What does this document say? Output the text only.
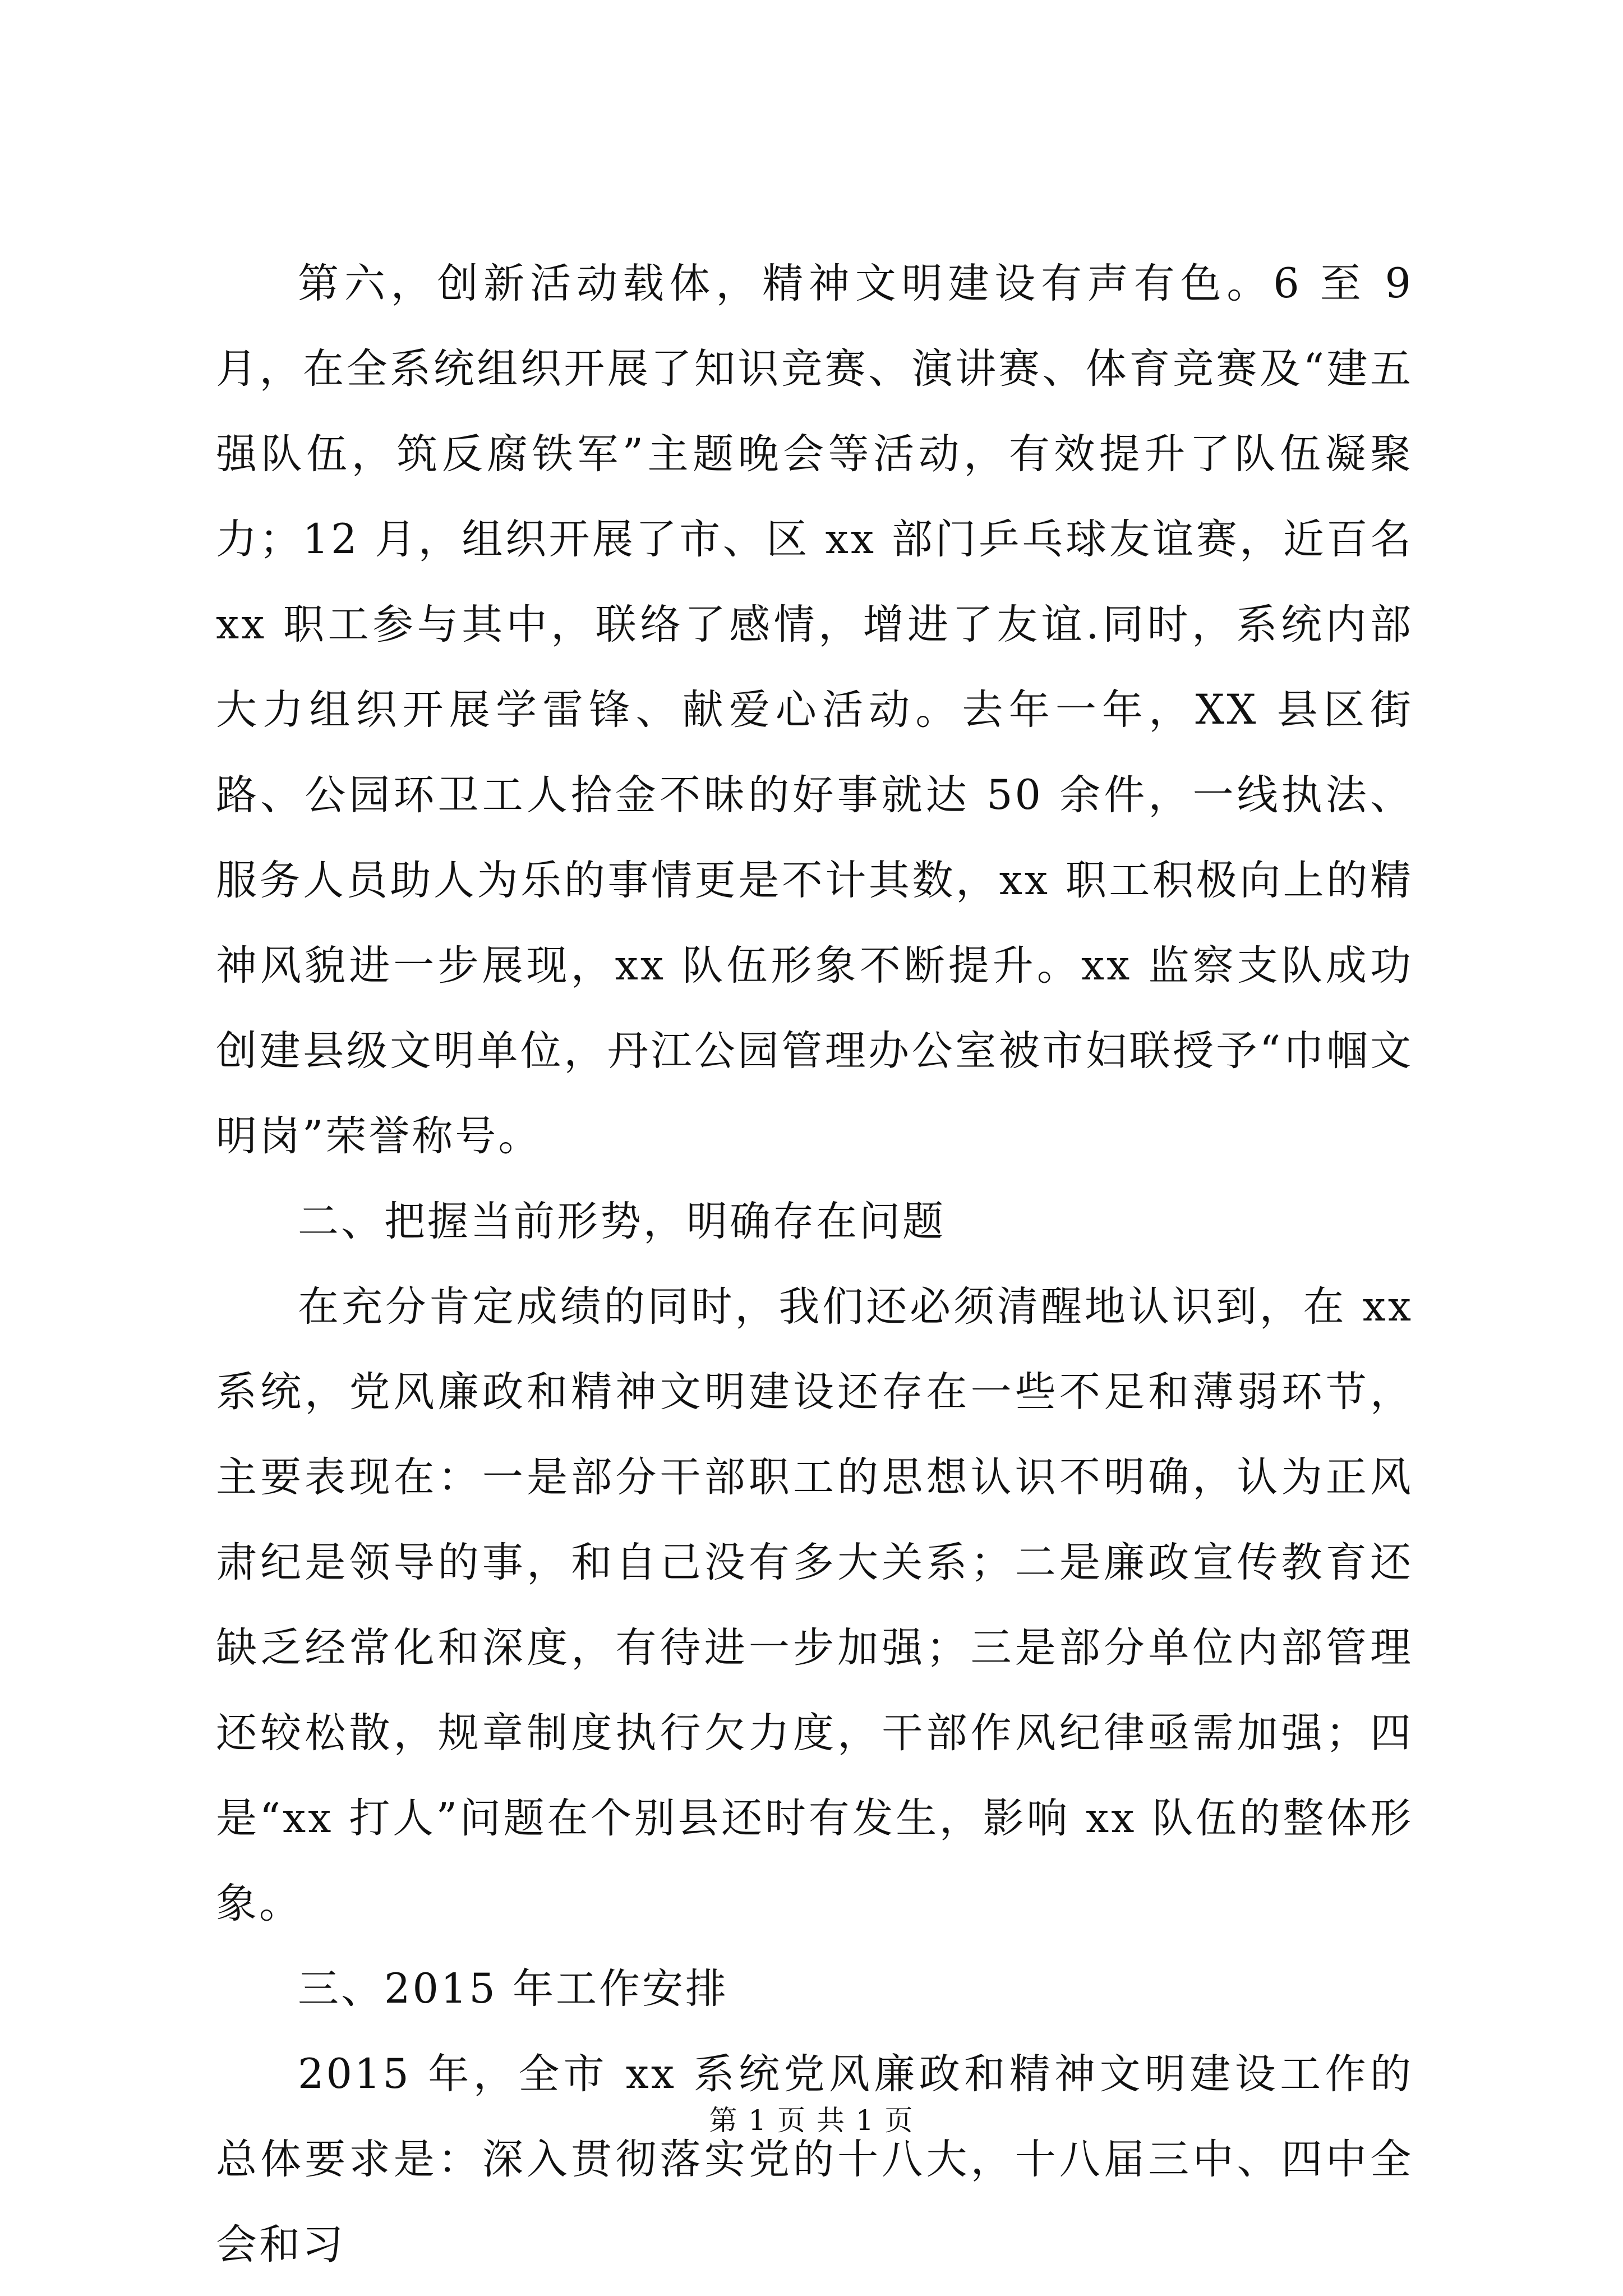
第六，创新活动载体，精神文明建设有声有色。6 至 9 月，在全系统组织开展了知识竞赛、演讲赛、体育竞赛及“建五强队伍，筑反腐铁军”主题晚会等活动，有效提升了队伍凝聚力；12 月，组织开展了市、区 xx 部门乒乓球友谊赛，近百名 xx 职工参与其中，联络了感情，增进了友谊.同时，系统内部大力组织开展学雷锋、献爱心活动。去年一年，XX 县区街路、公园环卫工人拾金不昧的好事就达 50 余件，一线执法、服务人员助人为乐的事情更是不计其数，xx 职工积极向上的精神风貌进一步展现，xx 队伍形象不断提升。xx 监察支队成功创建县级文明单位，丹江公园管理办公室被市妇联授予“巾帼文明岗”荣誉称号。

二、把握当前形势，明确存在问题

在充分肯定成绩的同时，我们还必须清醒地认识到，在 xx 系统，党风廉政和精神文明建设还存在一些不足和薄弱环节，主要表现在：一是部分干部职工的思想认识不明确，认为正风肃纪是领导的事，和自己没有多大关系；二是廉政宣传教育还缺乏经常化和深度，有待进一步加强；三是部分单位内部管理还较松散，规章制度执行欠力度，干部作风纪律亟需加强；四是“xx 打人”问题在个别县还时有发生，影响 xx 队伍的整体形象。

三、2015 年工作安排

2015 年，全市 xx 系统党风廉政和精神文明建设工作的总体要求是：深入贯彻落实党的十八大，十八届三中、四中全会和习

第 1 页 共 1 页
